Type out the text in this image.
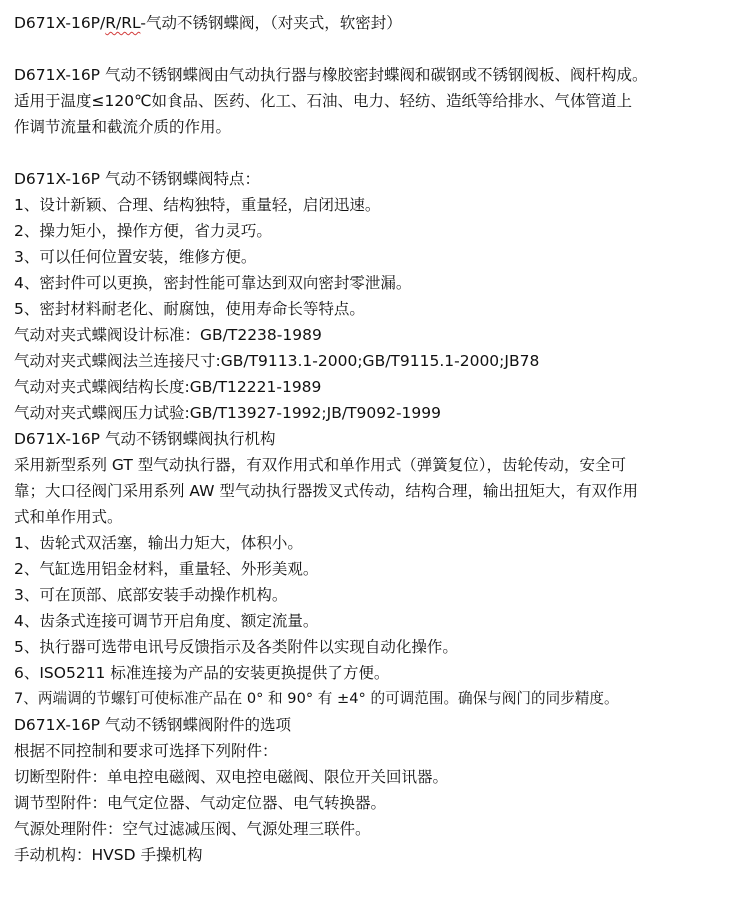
D671X-16P/R/RL-气动不锈钢蝶阀，（对夹式，软密封）
D671X-16P 气动不锈钢蝶阀由气动执行器与橡胶密封蝶阀和碳钢或不锈钢阀板、阀杆构成。
适用于温度≤120℃如食品、医药、化工、石油、电力、轻纺、造纸等给排水、气体管道上
作调节流量和截流介质的作用。
D671X-16P 气动不锈钢蝶阀特点：
1、设计新颖、合理、结构独特，重量轻，启闭迅速。
2、操力矩小，操作方便，省力灵巧。
3、可以任何位置安装，维修方便。
4、密封件可以更换，密封性能可靠达到双向密封零泄漏。
5、密封材料耐老化、耐腐蚀，使用寿命长等特点。
气动对夹式蝶阀设计标准：GB/T2238-1989
气动对夹式蝶阀法兰连接尺寸:GB/T9113.1-2000;GB/T9115.1-2000;JB78
气动对夹式蝶阀结构长度:GB/T12221-1989
气动对夹式蝶阀压力试验:GB/T13927-1992;JB/T9092-1999
D671X-16P 气动不锈钢蝶阀执行机构
采用新型系列 GT 型气动执行器，有双作用式和单作用式（弹簧复位），齿轮传动，安全可
靠；大口径阀门采用系列 AW 型气动执行器拨叉式传动，结构合理，输出扭矩大，有双作用
式和单作用式。
1、齿轮式双活塞，输出力矩大，体积小。
2、气缸选用铝金材料，重量轻、外形美观。
3、可在顶部、底部安装手动操作机构。
4、齿条式连接可调节开启角度、额定流量。
5、执行器可选带电讯号反馈指示及各类附件以实现自动化操作。
6、ISO5211 标准连接为产品的安装更换提供了方便。
7、两端调的节螺钉可使标准产品在 0° 和 90° 有 ±4° 的可调范围。确保与阀门的同步精度。
D671X-16P 气动不锈钢蝶阀附件的选项
根据不同控制和要求可选择下列附件：
切断型附件：单电控电磁阀、双电控电磁阀、限位开关回讯器。
调节型附件：电气定位器、气动定位器、电气转换器。
气源处理附件：空气过滤减压阀、气源处理三联件。
手动机构：HVSD 手操机构
